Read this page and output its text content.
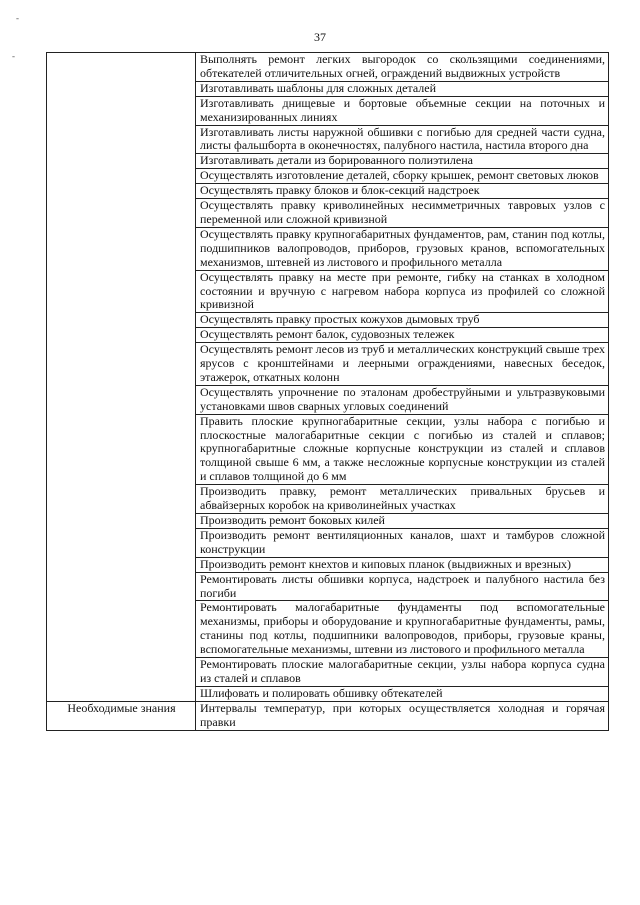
37
-
-
		Выполнять ремонт легких выгородок со скользящими соединениями, обтекателей отличительных огней, ограждений выдвижных устройств
	Изготавливать шаблоны для сложных деталей
	Изготавливать днищевые и бортовые объемные секции на поточных и механизированных линиях
	Изготавливать листы наружной обшивки с погибью для средней части судна, листы фальшборта в оконечностях, палубного настила, настила второго дна
	Изготавливать детали из борированного полиэтилена
	Осуществлять изготовление деталей, сборку крышек, ремонт световых люков
	Осуществлять правку блоков и блок-секций надстроек
	Осуществлять правку криволинейных несимметричных тавровых узлов с переменной или сложной кривизной
	Осуществлять правку крупногабаритных фундаментов, рам, станин под котлы, подшипников валопроводов, приборов, грузовых кранов, вспомогательных механизмов, штевней из листового и профильного металла
	Осуществлять правку на месте при ремонте, гибку на станках в холодном состоянии и вручную с нагревом набора корпуса из профилей со сложной кривизной
	Осуществлять правку простых кожухов дымовых труб
	Осуществлять ремонт балок, судовозных тележек
	Осуществлять ремонт лесов из труб и металлических конструкций свыше трех ярусов с кронштейнами и леерными ограждениями, навесных беседок, этажерок, откатных колонн
	Осуществлять упрочнение по эталонам дробеструйными и ультразвуковыми установками швов сварных угловых соединений
	Править плоские крупногабаритные секции, узлы набора с погибью и плоскостные малогабаритные секции с погибью из сталей и сплавов; крупногабаритные сложные корпусные конструкции из сталей и сплавов толщиной свыше 6 мм, а также несложные корпусные конструкции из сталей и сплавов толщиной до 6 мм
	Производить правку, ремонт металлических привальных брусьев и абвайзерных коробок на криволинейных участках
	Производить ремонт боковых килей
	Производить ремонт вентиляционных каналов, шахт и тамбуров сложной конструкции
	Производить ремонт кнехтов и киповых планок (выдвижных и врезных)
	Ремонтировать листы обшивки корпуса, надстроек и палубного настила без погиби
	Ремонтировать малогабаритные фундаменты под вспомогательные механизмы, приборы и оборудование и крупногабаритные фундаменты, рамы, станины под котлы, подшипники валопроводов, приборы, грузовые краны, вспомогательные механизмы, штевни из листового и профильного металла
	Ремонтировать плоские малогабаритные секции, узлы набора корпуса судна из сталей и сплавов
	Шлифовать и полировать обшивку обтекателей
Необходимые знания	Интервалы температур, при которых осуществляется холодная и горячая правки
